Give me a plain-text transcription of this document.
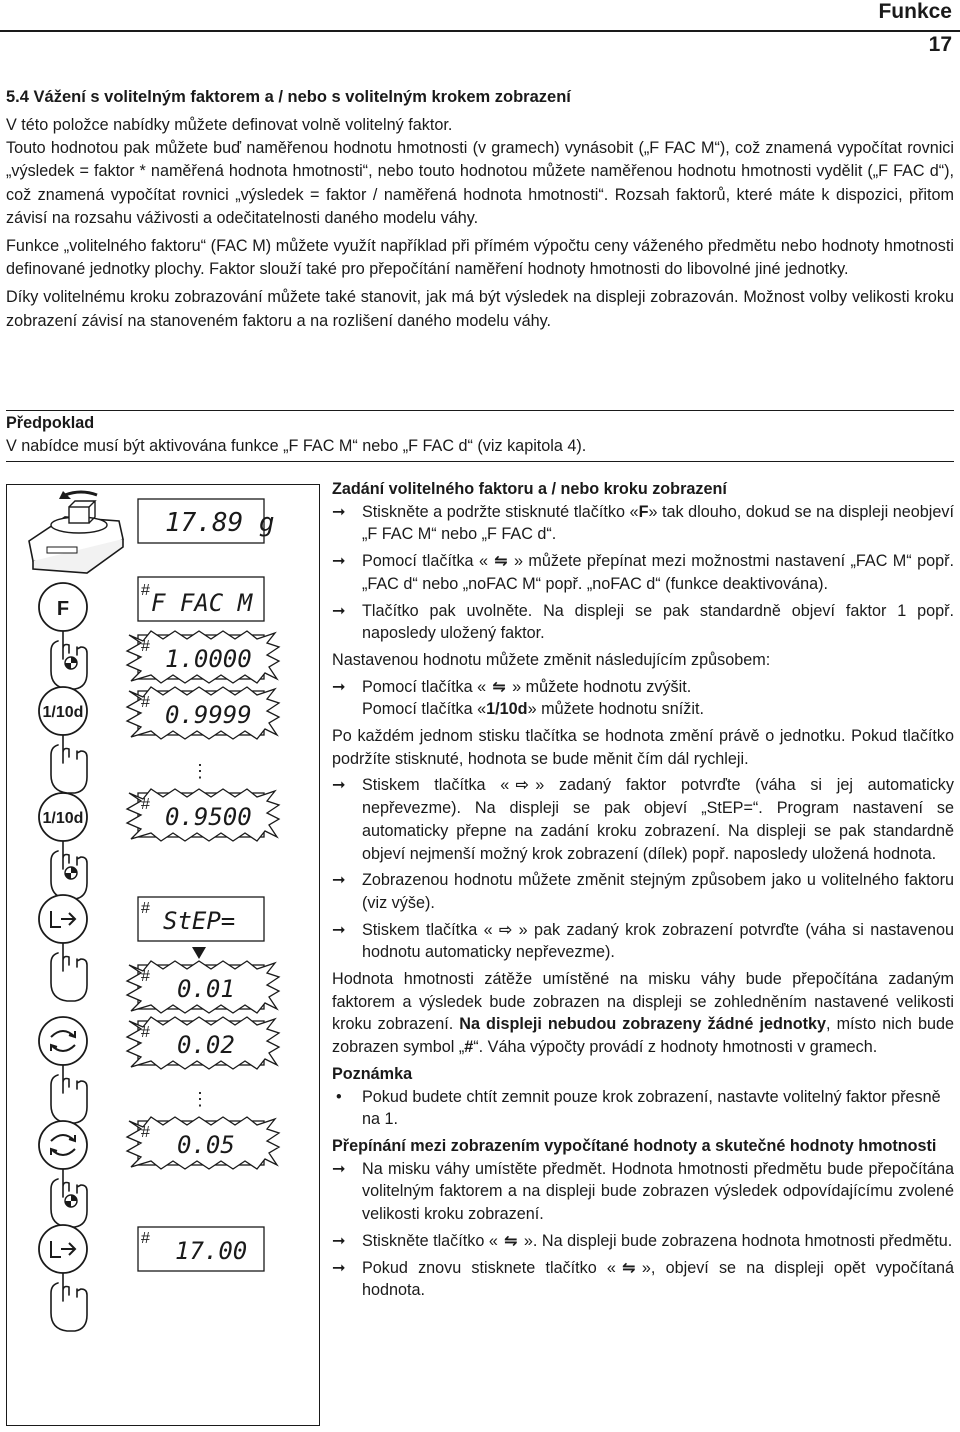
Funkce
17
5.4 Vážení s volitelným faktorem a / nebo s volitelným krokem zobrazení

V této položce nabídky můžete definovat volně volitelný faktor.

Touto hodnotou pak můžete buď naměřenou hodnotu hmotnosti (v gramech) vynásobit („F FAC M“), což znamená vypočítat rovnici „výsledek = faktor * naměřená hodnota hmotnosti“, nebo touto hodnotou můžete naměřenou hodnotu hmotnosti vydělit („F FAC d“), což znamená vypočítat rovnici „výsledek = faktor / naměřená hodnota hmotnosti“. Rozsah faktorů, které máte k dispozici, přitom závisí na rozsahu váživosti a odečitatelnosti daného modelu váhy.

Funkce „volitelného faktoru“ (FAC M) můžete využít například při přímém výpočtu ceny váženého předmětu nebo hodnoty hmotnosti definované jednotky plochy. Faktor slouží také pro přepočítání naměření hodnoty hmotnosti do libovolné jiné jednotky.

Díky volitelnému kroku zobrazování můžete také stanovit, jak má být výsledek na displeji zobrazován. Možnost volby velikosti kroku zobrazení závisí na stanoveném faktoru a na rozlišení daného modelu váhy.

Předpoklad
V nabídce musí být aktivována funkce „F FAC M“ nebo „F FAC d“ (viz kapitola 4).
17.89 g
F
# F FAC M
# 1.0000
1/10d
# 0.9999
⋮
1/10d
# 0.9500
# StEP=
# 0.01
# 0.02
⋮
# 0.05
# 17.00

Zadání volitelného faktoru a / nebo kroku zobrazení

➞	Stiskněte a podržte stisknuté tlačítko «F» tak dlouho, dokud se na displeji neobjeví „F FAC M“ nebo „F FAC d“.
➞	Pomocí tlačítka « ⇋ » můžete přepínat mezi možnostmi nastavení „FAC M“ popř. „FAC d“ nebo „noFAC M“ popř. „noFAC d“ (funkce deaktivována).
➞	Tlačítko pak uvolněte. Na displeji se pak standardně objeví faktor 1 popř. naposledy uložený faktor.

Nastavenou hodnotu můžete změnit následujícím způsobem:

➞	Pomocí tlačítka « ⇋ » můžete hodnotu zvýšit.
Pomocí tlačítka «1/10d» můžete hodnotu snížit.

Po každém jednom stisku tlačítka se hodnota změní právě o jednotku. Pokud tlačítko podržíte stisknuté, hodnota se bude měnit čím dál rychleji.

➞	Stiskem tlačítka « ⇨ » zadaný faktor potvrďte (váha si jej automaticky nepřevezme). Na displeji se pak objeví „StEP=“. Program nastavení se automaticky přepne na zadání kroku zobrazení. Na displeji se pak standardně objeví nejmenší možný krok zobrazení (dílek) popř. naposledy uložená hodnota.
➞	Zobrazenou hodnotu můžete změnit stejným způsobem jako u volitelného faktoru (viz výše).
➞	Stiskem tlačítka « ⇨ » pak zadaný krok zobrazení potvrďte (váha si nastavenou hodnotu automaticky nepřevezme).

Hodnota hmotnosti zátěže umístěné na misku váhy bude přepočítána zadaným faktorem a výsledek bude zobrazen na displeji se zohledněním nastavené velikosti kroku zobrazení. Na displeji nebudou zobrazeny žádné jednotky, místo nich bude zobrazen symbol „#“. Váha výpočty provádí z hodnoty hmotnosti v gramech.

Poznámka

•	Pokud budete chtít zemnit pouze krok zobrazení, nastavte volitelný faktor přesně na 1.

Přepínání mezi zobrazením vypočítané hodnoty a skutečné hodnoty hmotnosti

➞	Na misku váhy umístěte předmět. Hodnota hmotnosti předmětu bude přepočítána volitelným faktorem a na displeji bude zobrazen výsledek odpovídajícímu zvolené velikosti kroku zobrazení.
➞	Stiskněte tlačítko « ⇋ ». Na displeji bude zobrazena hodnota hmotnosti předmětu.
➞	Pokud znovu stisknete tlačítko « ⇋ », objeví se na displeji opět vypočítaná hodnota.
